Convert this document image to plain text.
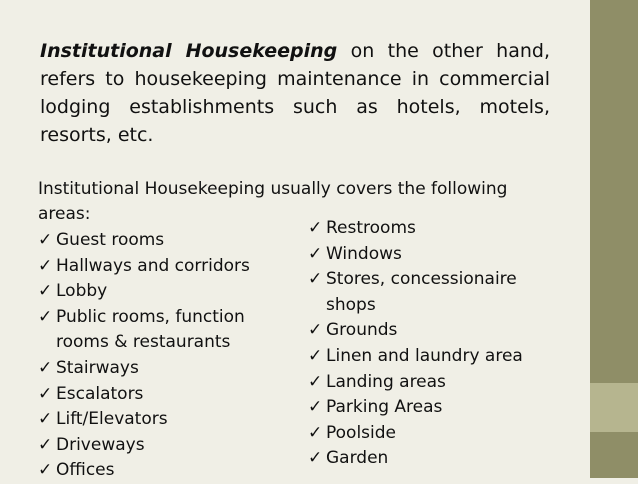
Institutional Housekeeping on the other hand, refers to housekeeping maintenance in commercial lodging establishments such as hotels, motels, resorts, etc.

Institutional Housekeeping usually covers the following areas:
✓ Guest rooms
✓ Hallways and corridors
✓ Lobby
✓ Public rooms, function rooms & restaurants
✓ Stairways
✓ Escalators
✓ Lift/Elevators
✓ Driveways
✓ Offices
✓ Restrooms
✓ Windows
✓ Stores, concessionaire shops
✓ Grounds
✓ Linen and laundry area
✓ Landing areas
✓ Parking Areas
✓ Poolside
✓ Garden
